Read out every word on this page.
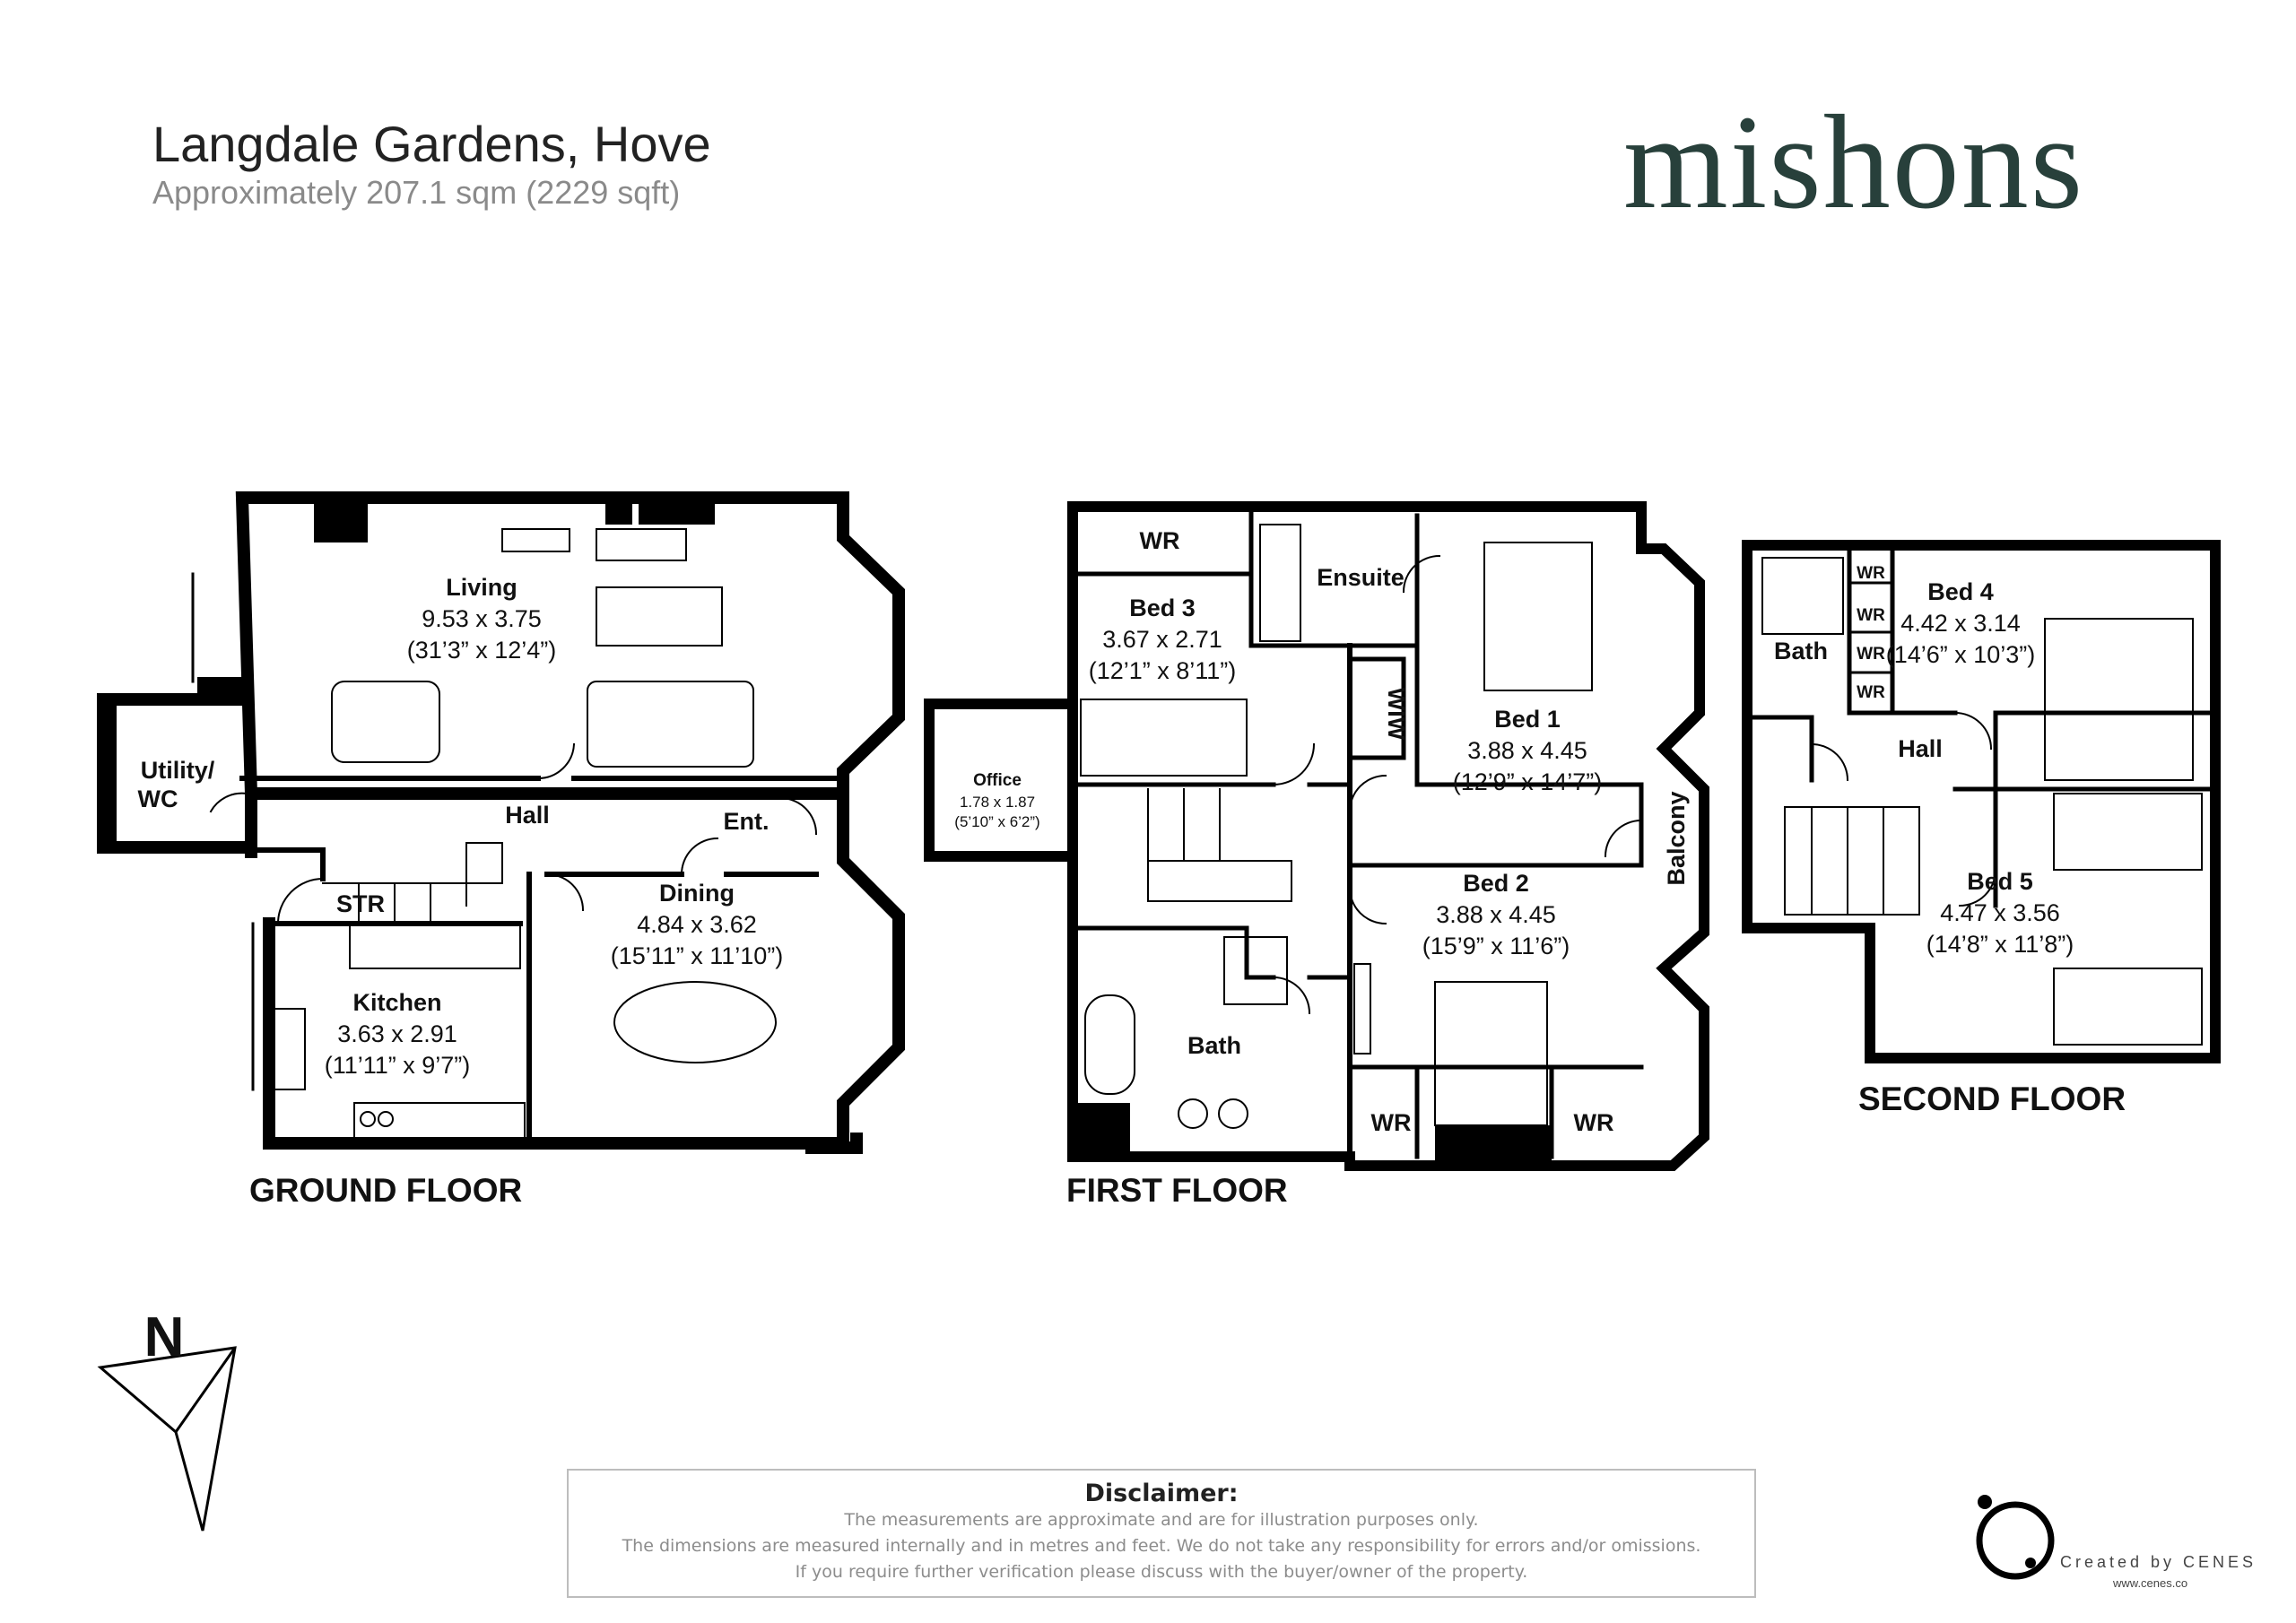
Langdale Gardens, Hove
Approximately 207.1 sqm (2229 sqft)	mishons
Living
9.53 x 3.75
(31’3” x 12’4”)
Utility/
WC
Hall	Ent.
STR	Dining
4.84 x 3.62
(15’11” x 11’10”)
Kitchen
3.63 x 2.91
(11’11” x 9’7”)
GROUND FLOOR
WR
Bed 3
3.67 x 2.71
(12’1” x 8’11”)
Ensuite
WIW	Bed 1
3.88 x 4.45
(12’9” x 14’7”)
Office
1.78 x 1.87
(5’10” x 6’2”)	Balcony
Bed 2
3.88 x 4.45
(15’9” x 11’6”)
Bath
WR	WR
FIRST FLOOR
Bath
WR
WR
WR
WR
Bed 4
4.42 x 3.14
(14’6” x 10’3”)
Hall
Bed 5
4.47 x 3.56
(14’8” x 11’8”)
SECOND FLOOR
N
Disclaimer:
The measurements are approximate and are for illustration purposes only.
The dimensions are measured internally and in metres and feet. We do not take any responsibility for errors and/or omissions.
If you require further verification please discuss with the buyer/owner of the property.	Created by CENES
www.cenes.co
